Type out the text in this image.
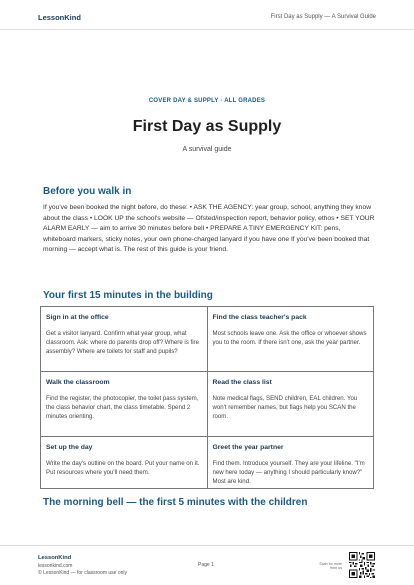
LessonKind	First Day as Supply — A Survival Guide
COVER DAY & SUPPLY · ALL GRADES
First Day as Supply
A survival guide
Before you walk in
If you've been booked the night before, do these: • ASK THE AGENCY: year group, school, anything they know about the class • LOOK UP the school's website — Ofsted/inspection report, behavior policy, ethos • SET YOUR ALARM EARLY — aim to arrive 30 minutes before bell • PREPARE A TINY EMERGENCY KIT: pens, whiteboard markers, sticky notes, your own phone-charged lanyard if you have one If you've been booked that morning — accept what is. The rest of this guide is your friend.
Your first 15 minutes in the building
Sign in at the office
Get a visitor lanyard. Confirm what year group, what classroom. Ask: where do parents drop off? Where is fire assembly? Where are toilets for staff and pupils?
Find the class teacher's pack
Most schools leave one. Ask the office or whoever shows you to the room. If there isn't one, ask the year partner.
Walk the classroom
Find the register, the photocopier, the toilet pass system, the class behavior chart, the class timetable. Spend 2 minutes orienting.
Read the class list
Note medical flags, SEND children, EAL children. You won't remember names, but flags help you SCAN the room.
Set up the day
Write the day's outline on the board. Put your name on it. Put resources where you'll need them.
Greet the year partner
Find them. Introduce yourself. They are your lifeline. "I'm new here today — anything I should particularly know?" Most are kind.
The morning bell — the first 5 minutes with the children
LessonKind
lessonkind.com
© LessonKind — for classroom use only
Page 1	Scan for more from us
